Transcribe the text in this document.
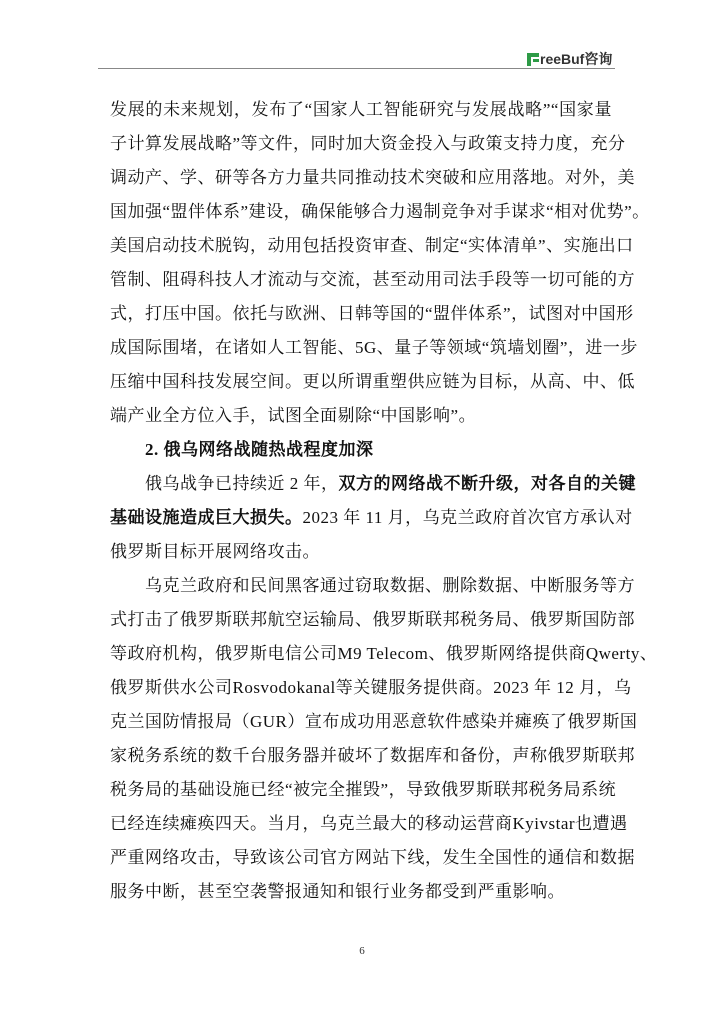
reeBuf咨询
发展的未来规划，发布了“国家人工智能研究与发展战略”“国家量
子计算发展战略”等文件，同时加大资金投入与政策支持力度，充分
调动产、学、研等各方力量共同推动技术突破和应用落地。对外，美
国加强“盟伴体系”建设，确保能够合力遏制竞争对手谋求“相对优势”。
美国启动技术脱钩，动用包括投资审查、制定“实体清单”、实施出口
管制、阻碍科技人才流动与交流，甚至动用司法手段等一切可能的方
式，打压中国。依托与欧洲、日韩等国的“盟伴体系”，试图对中国形
成国际围堵，在诸如人工智能、5G、量子等领域“筑墙划圈”，进一步
压缩中国科技发展空间。更以所谓重塑供应链为目标，从高、中、低
端产业全方位入手，试图全面剔除“中国影响”。
2. 俄乌网络战随热战程度加深
俄乌战争已持续近 2 年，双方的网络战不断升级，对各自的关键
基础设施造成巨大损失。2023 年 11 月，乌克兰政府首次官方承认对
俄罗斯目标开展网络攻击。
乌克兰政府和民间黑客通过窃取数据、删除数据、中断服务等方
式打击了俄罗斯联邦航空运输局、俄罗斯联邦税务局、俄罗斯国防部
等政府机构，俄罗斯电信公司M9 Telecom、俄罗斯网络提供商Qwerty、
俄罗斯供水公司Rosvodokanal等关键服务提供商。2023 年 12 月，乌
克兰国防情报局（GUR）宣布成功用恶意软件感染并瘫痪了俄罗斯国
家税务系统的数千台服务器并破坏了数据库和备份，声称俄罗斯联邦
税务局的基础设施已经“被完全摧毁”，导致俄罗斯联邦税务局系统
已经连续瘫痪四天。当月，乌克兰最大的移动运营商Kyivstar也遭遇
严重网络攻击，导致该公司官方网站下线，发生全国性的通信和数据
服务中断，甚至空袭警报通知和银行业务都受到严重影响。
6
